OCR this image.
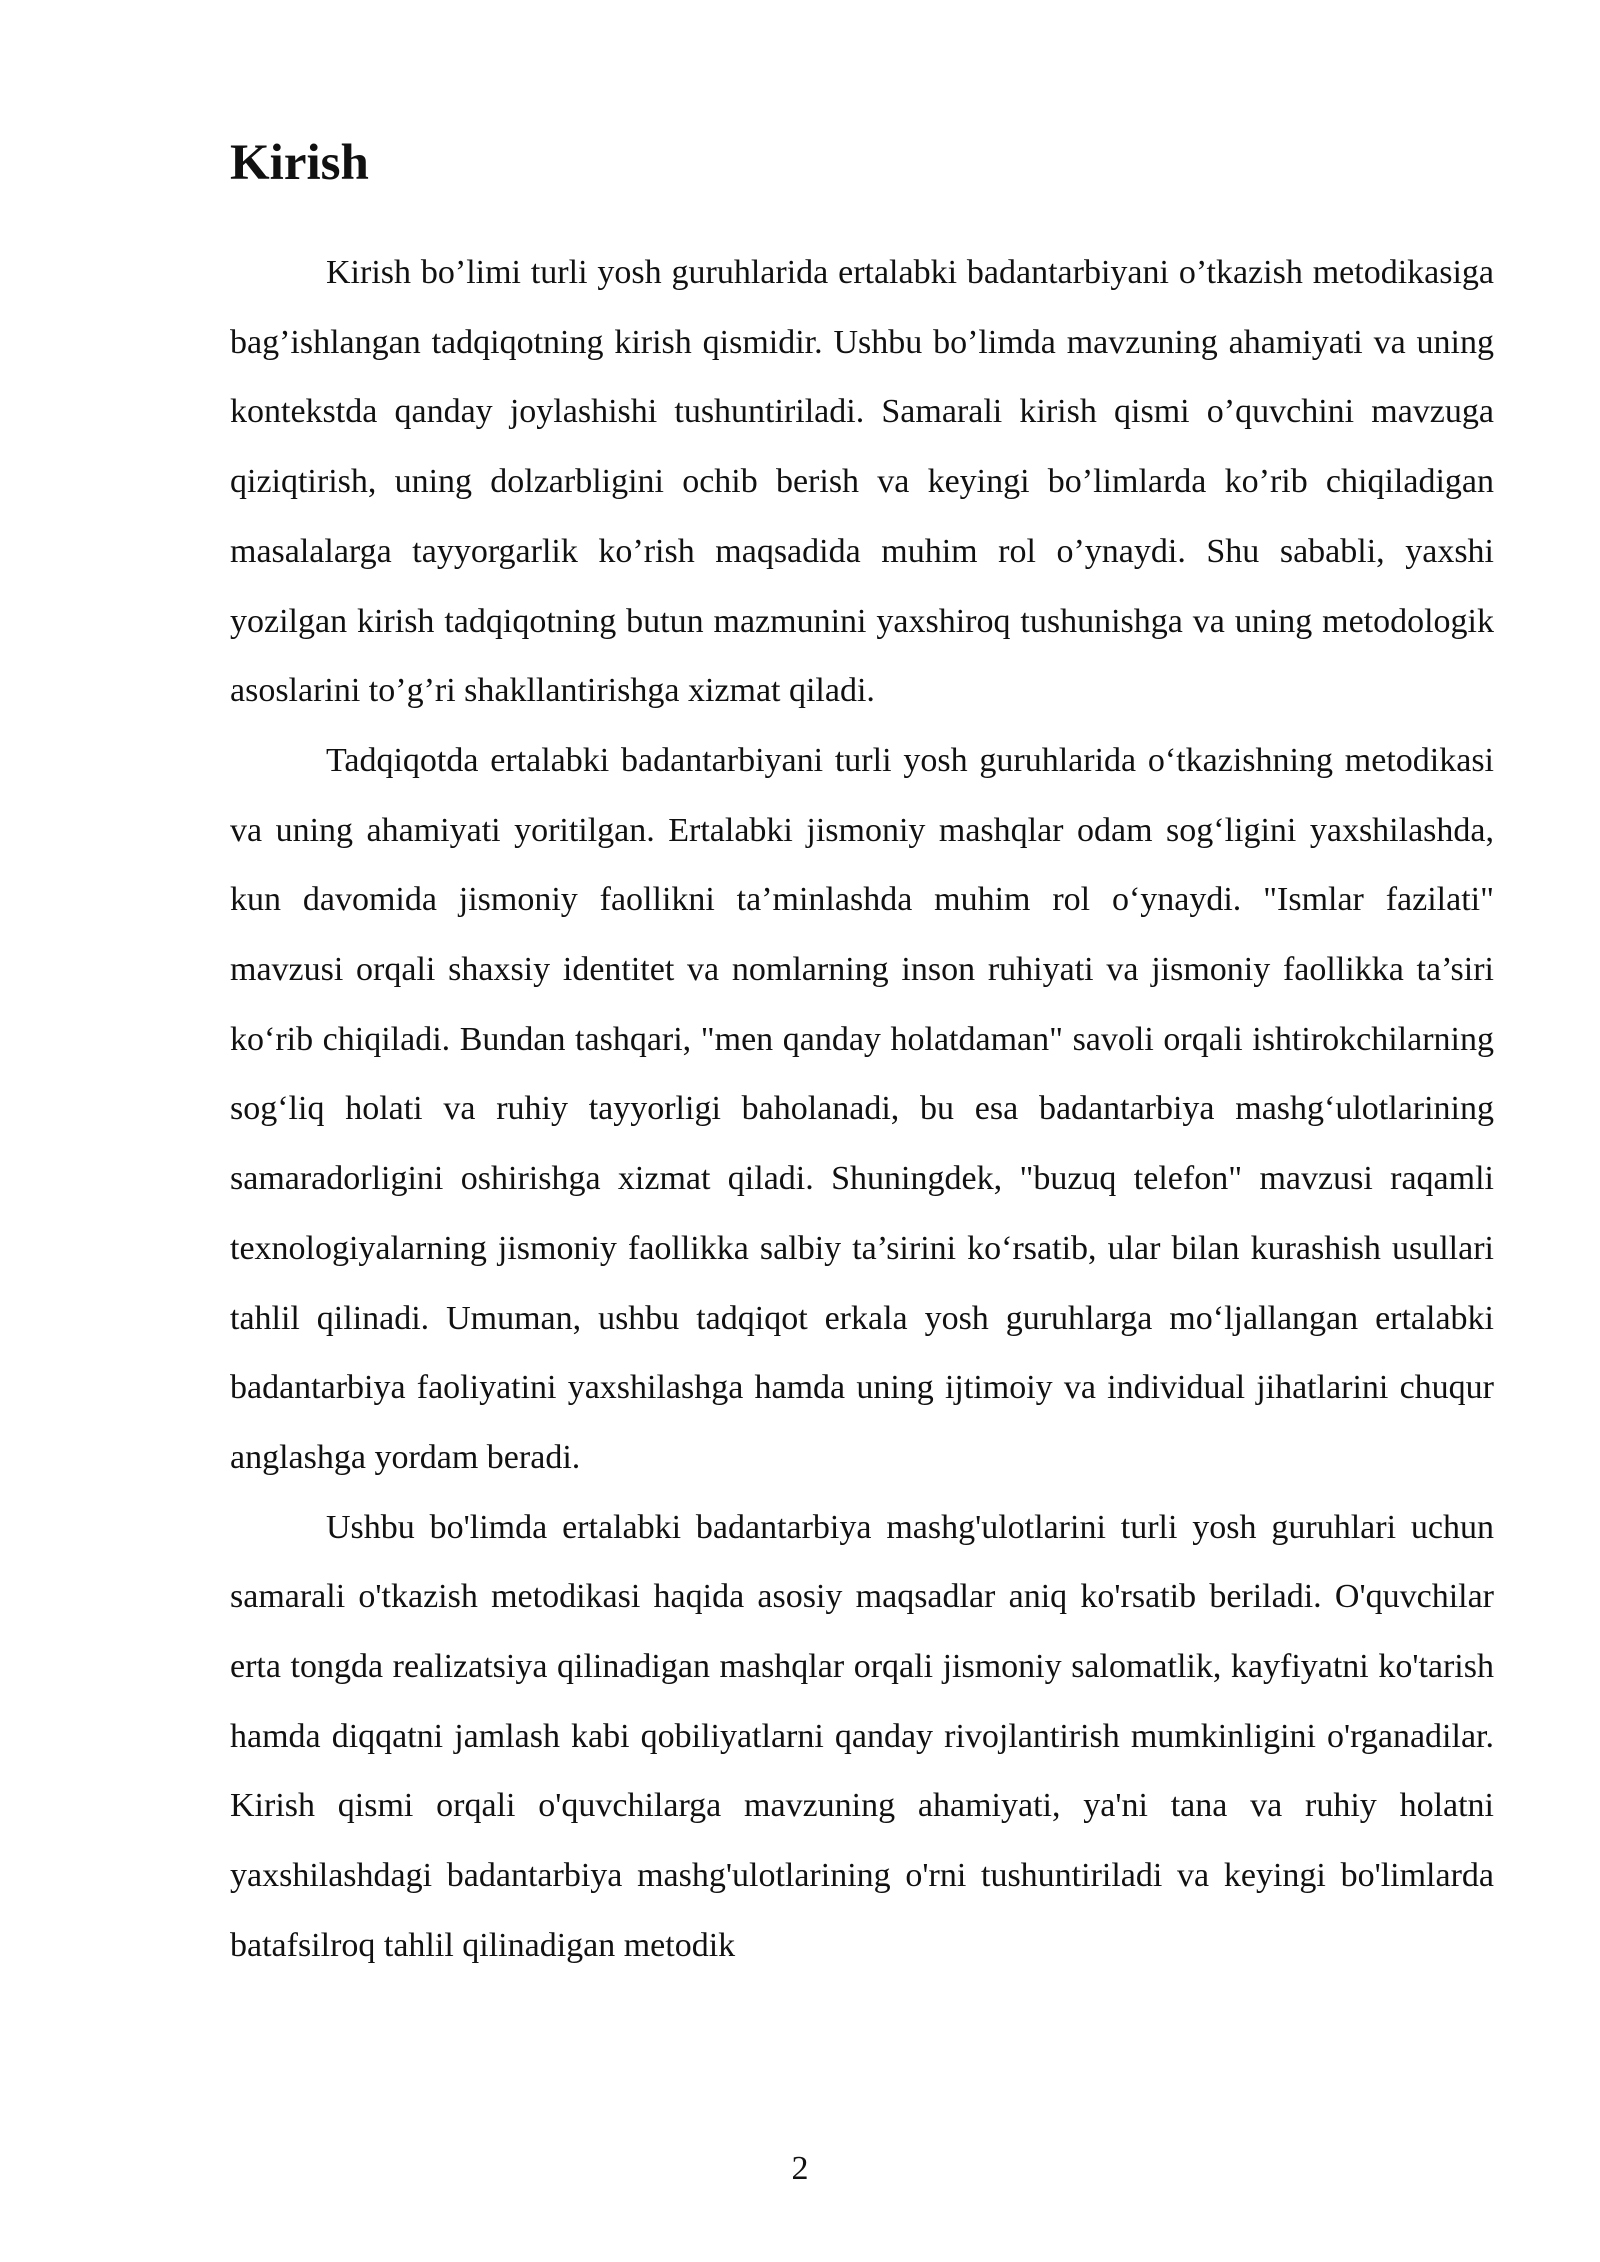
Kirish

Kirish bo’limi turli yosh guruhlarida ertalabki badantarbiyani o’tkazish metodikasiga bag’ishlangan tadqiqotning kirish qismidir. Ushbu bo’limda mavzuning ahamiyati va uning kontekstda qanday joylashishi tushuntiriladi. Samarali kirish qismi o’quvchini mavzuga qiziqtirish, uning dolzarbligini ochib berish va keyingi bo’limlarda ko’rib chiqiladigan masalalarga tayyorgarlik ko’rish maqsadida muhim rol o’ynaydi. Shu sababli, yaxshi yozilgan kirish tadqiqotning butun mazmunini yaxshiroq tushunishga va uning metodologik asoslarini to’g’ri shakllantirishga xizmat qiladi.

Tadqiqotda ertalabki badantarbiyani turli yosh guruhlarida o‘tkazishning metodikasi va uning ahamiyati yoritilgan. Ertalabki jismoniy mashqlar odam sog‘ligini yaxshilashda, kun davomida jismoniy faollikni ta’minlashda muhim rol o‘ynaydi. "Ismlar fazilati" mavzusi orqali shaxsiy identitet va nomlarning inson ruhiyati va jismoniy faollikka ta’siri ko‘rib chiqiladi. Bundan tashqari, "men qanday holatdaman" savoli orqali ishtirokchilarning sog‘liq holati va ruhiy tayyorligi baholanadi, bu esa badantarbiya mashg‘ulotlarining samaradorligini oshirishga xizmat qiladi. Shuningdek, "buzuq telefon" mavzusi raqamli texnologiyalarning jismoniy faollikka salbiy ta’sirini ko‘rsatib, ular bilan kurashish usullari tahlil qilinadi. Umuman, ushbu tadqiqot erkala yosh guruhlarga mo‘ljallangan ertalabki badantarbiya faoliyatini yaxshilashga hamda uning ijtimoiy va individual jihatlarini chuqur anglashga yordam beradi.

Ushbu bo'limda ertalabki badantarbiya mashg'ulotlarini turli yosh guruhlari uchun samarali o'tkazish metodikasi haqida asosiy maqsadlar aniq ko'rsatib beriladi. O'quvchilar erta tongda realizatsiya qilinadigan mashqlar orqali jismoniy salomatlik, kayfiyatni ko'tarish hamda diqqatni jamlash kabi qobiliyatlarni qanday rivojlantirish mumkinligini o'rganadilar. Kirish qismi orqali o'quvchilarga mavzuning ahamiyati, ya'ni tana va ruhiy holatni yaxshilashdagi badantarbiya mashg'ulotlarining o'rni tushuntiriladi va keyingi bo'limlarda batafsilroq tahlil qilinadigan metodik

2
